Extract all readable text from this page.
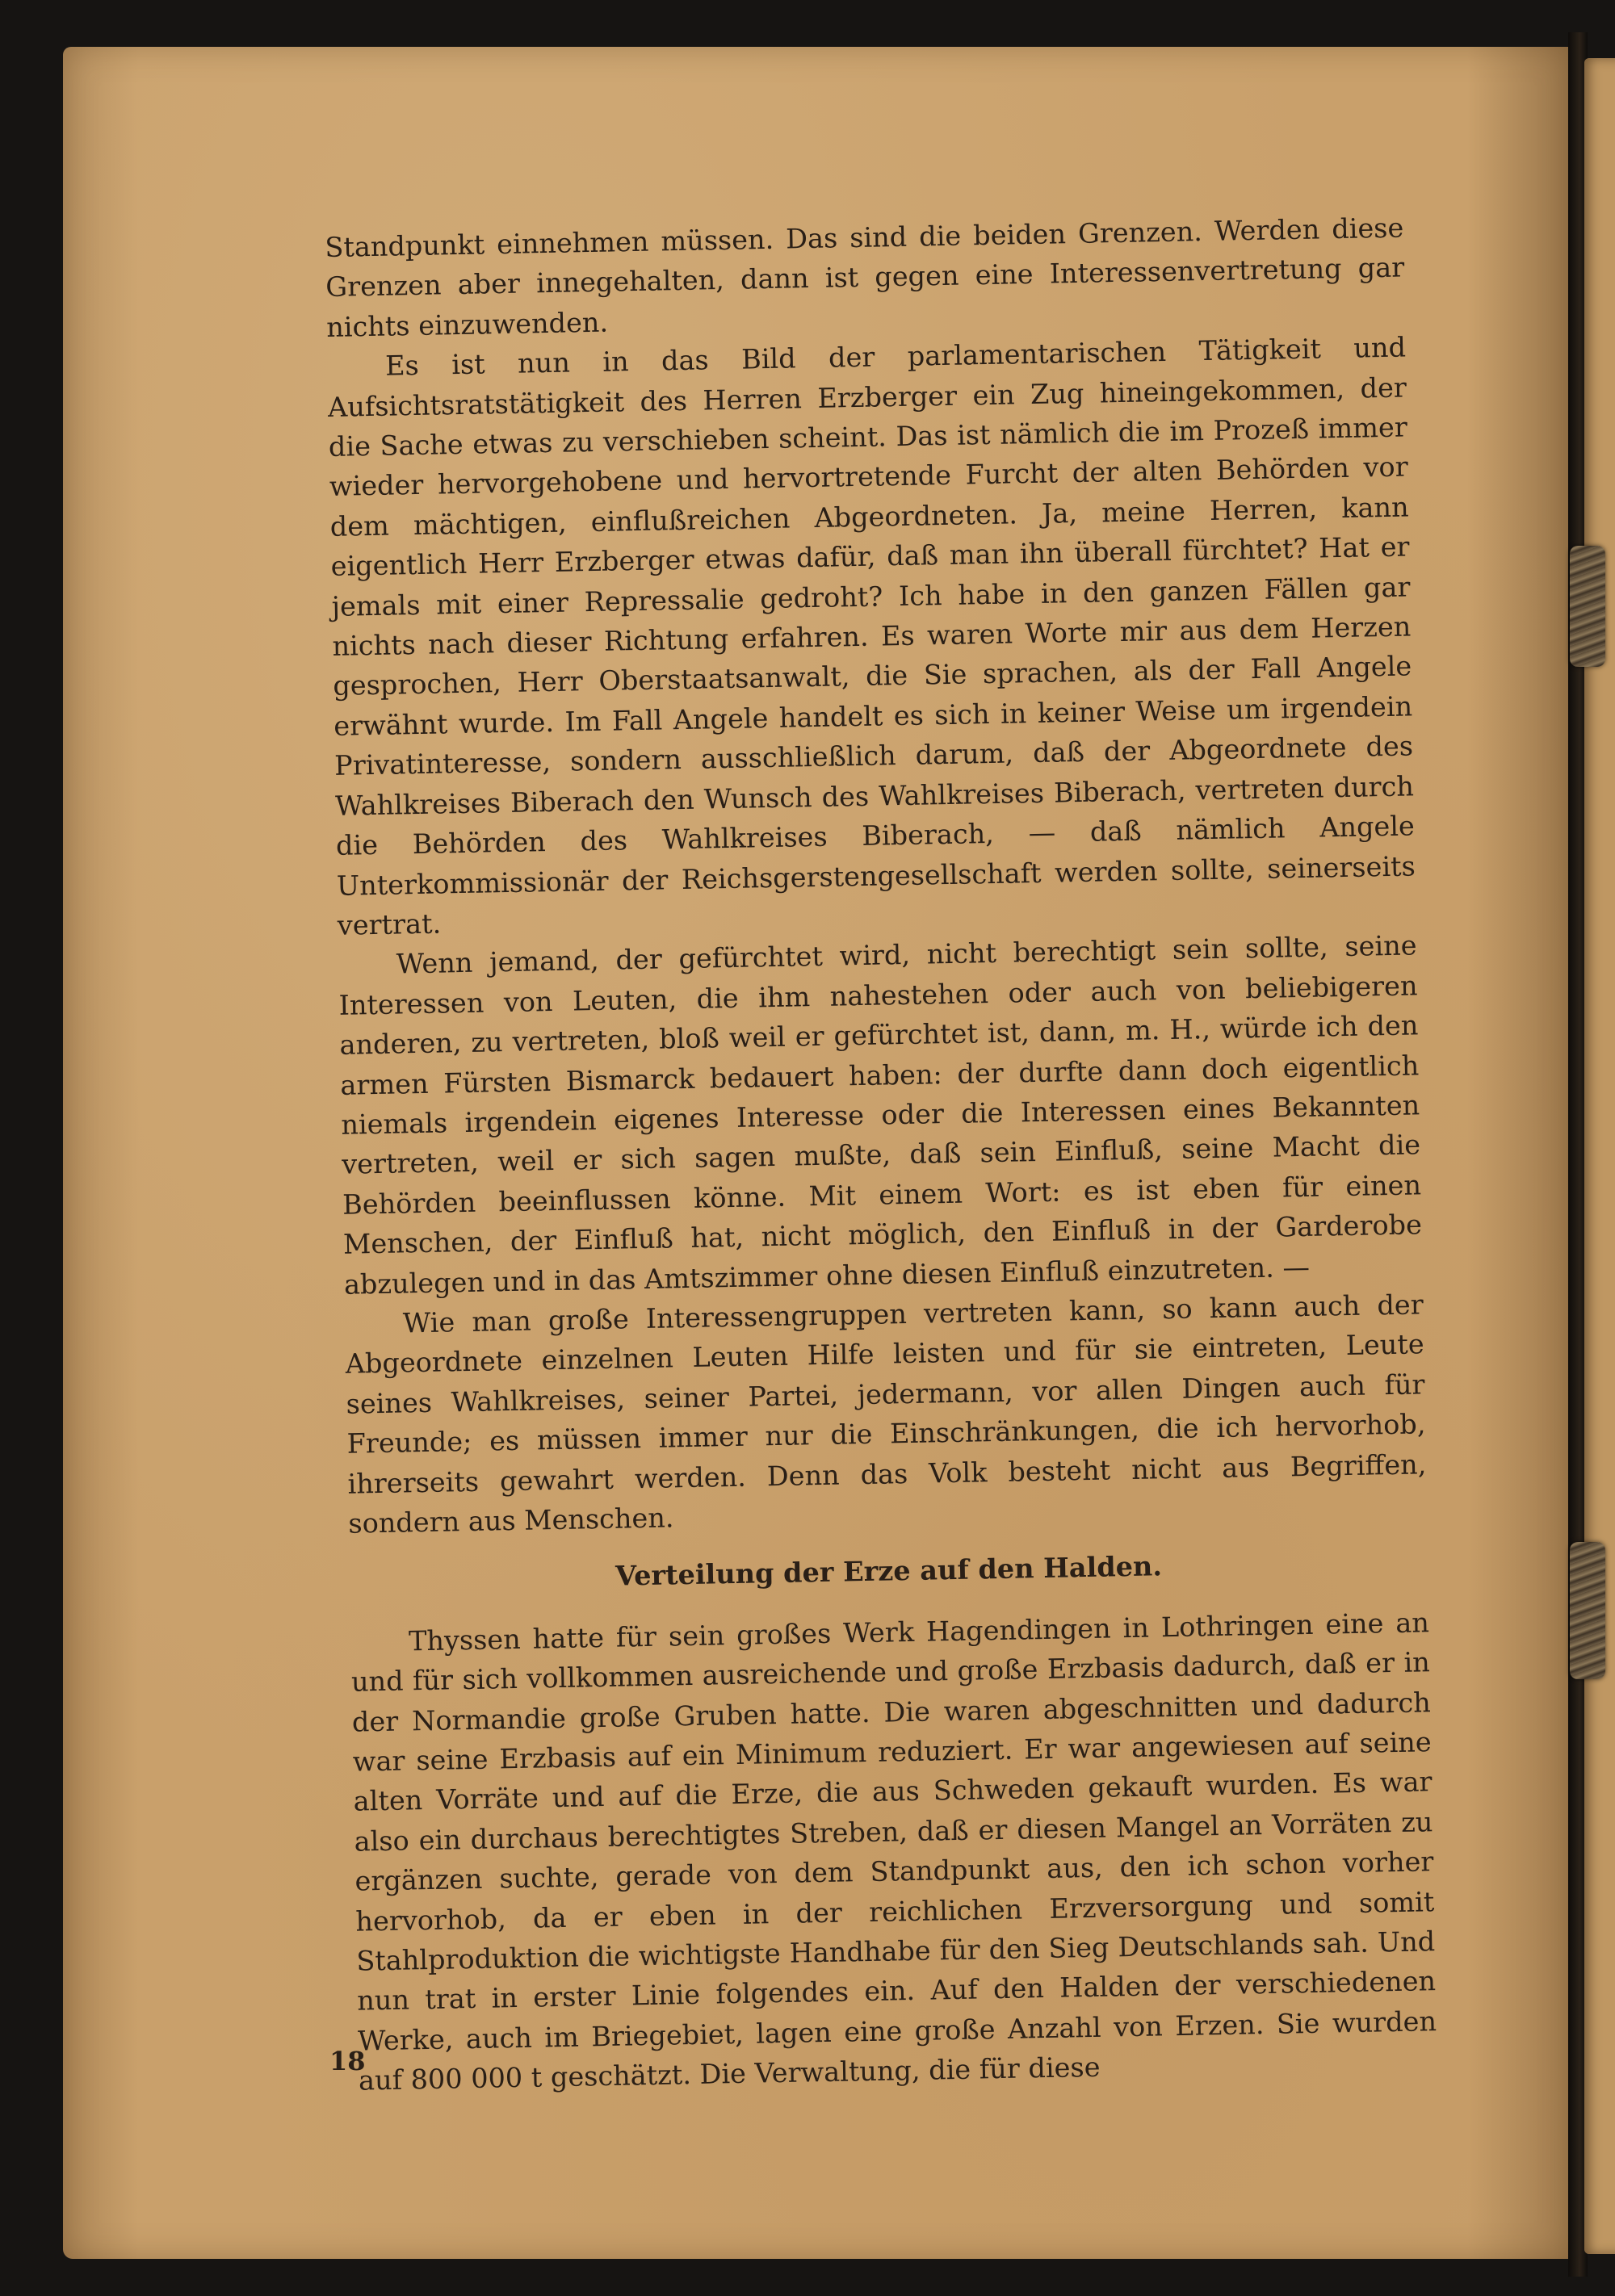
Standpunkt einnehmen müssen. Das sind die beiden Grenzen. Werden diese Grenzen aber innegehalten, dann ist gegen eine Interessenvertretung gar nichts einzuwenden.

Es ist nun in das Bild der parlamentarischen Tätigkeit und Aufsichtsratstätigkeit des Herren Erzberger ein Zug hineingekommen, der die Sache etwas zu verschieben scheint. Das ist nämlich die im Prozeß immer wieder hervorgehobene und hervortretende Furcht der alten Behörden vor dem mächtigen, einflußreichen Abgeordneten. Ja, meine Herren, kann eigentlich Herr Erzberger etwas dafür, daß man ihn überall fürchtet? Hat er jemals mit einer Repressalie gedroht? Ich habe in den ganzen Fällen gar nichts nach dieser Richtung erfahren. Es waren Worte mir aus dem Herzen gesprochen, Herr Oberstaatsanwalt, die Sie sprachen, als der Fall Angele erwähnt wurde. Im Fall Angele handelt es sich in keiner Weise um irgendein Privatinteresse, sondern ausschließlich darum, daß der Abgeordnete des Wahlkreises Biberach den Wunsch des Wahlkreises Biberach, vertreten durch die Behörden des Wahlkreises Biberach, — daß nämlich Angele Unterkommissionär der Reichsgerstengesellschaft werden sollte, seinerseits vertrat.

Wenn jemand, der gefürchtet wird, nicht berechtigt sein sollte, seine Interessen von Leuten, die ihm nahestehen oder auch von beliebigeren anderen, zu vertreten, bloß weil er gefürchtet ist, dann, m. H., würde ich den armen Fürsten Bismarck bedauert haben: der durfte dann doch eigentlich niemals irgendein eigenes Interesse oder die Interessen eines Bekannten vertreten, weil er sich sagen mußte, daß sein Einfluß, seine Macht die Behörden beeinflussen könne. Mit einem Wort: es ist eben für einen Menschen, der Einfluß hat, nicht möglich, den Einfluß in der Garderobe abzulegen und in das Amtszimmer ohne diesen Einfluß einzutreten. —

Wie man große Interessengruppen vertreten kann, so kann auch der Abgeordnete einzelnen Leuten Hilfe leisten und für sie eintreten, Leute seines Wahlkreises, seiner Partei, jedermann, vor allen Dingen auch für Freunde; es müssen immer nur die Einschränkungen, die ich hervorhob, ihrerseits gewahrt werden. Denn das Volk besteht nicht aus Begriffen, sondern aus Menschen.

Verteilung der Erze auf den Halden.

Thyssen hatte für sein großes Werk Hagendingen in Lothringen eine an und für sich vollkommen ausreichende und große Erzbasis dadurch, daß er in der Normandie große Gruben hatte. Die waren abgeschnitten und dadurch war seine Erzbasis auf ein Minimum reduziert. Er war angewiesen auf seine alten Vorräte und auf die Erze, die aus Schweden gekauft wurden. Es war also ein durchaus berechtigtes Streben, daß er diesen Mangel an Vorräten zu ergänzen suchte, gerade von dem Standpunkt aus, den ich schon vorher hervorhob, da er eben in der reichlichen Erzversorgung und somit Stahlproduktion die wichtigste Handhabe für den Sieg Deutschlands sah. Und nun trat in erster Linie folgendes ein. Auf den Halden der verschiedenen Werke, auch im Briegebiet, lagen eine große Anzahl von Erzen. Sie wurden auf 800 000 t geschätzt. Die Verwaltung, die für diese

18
